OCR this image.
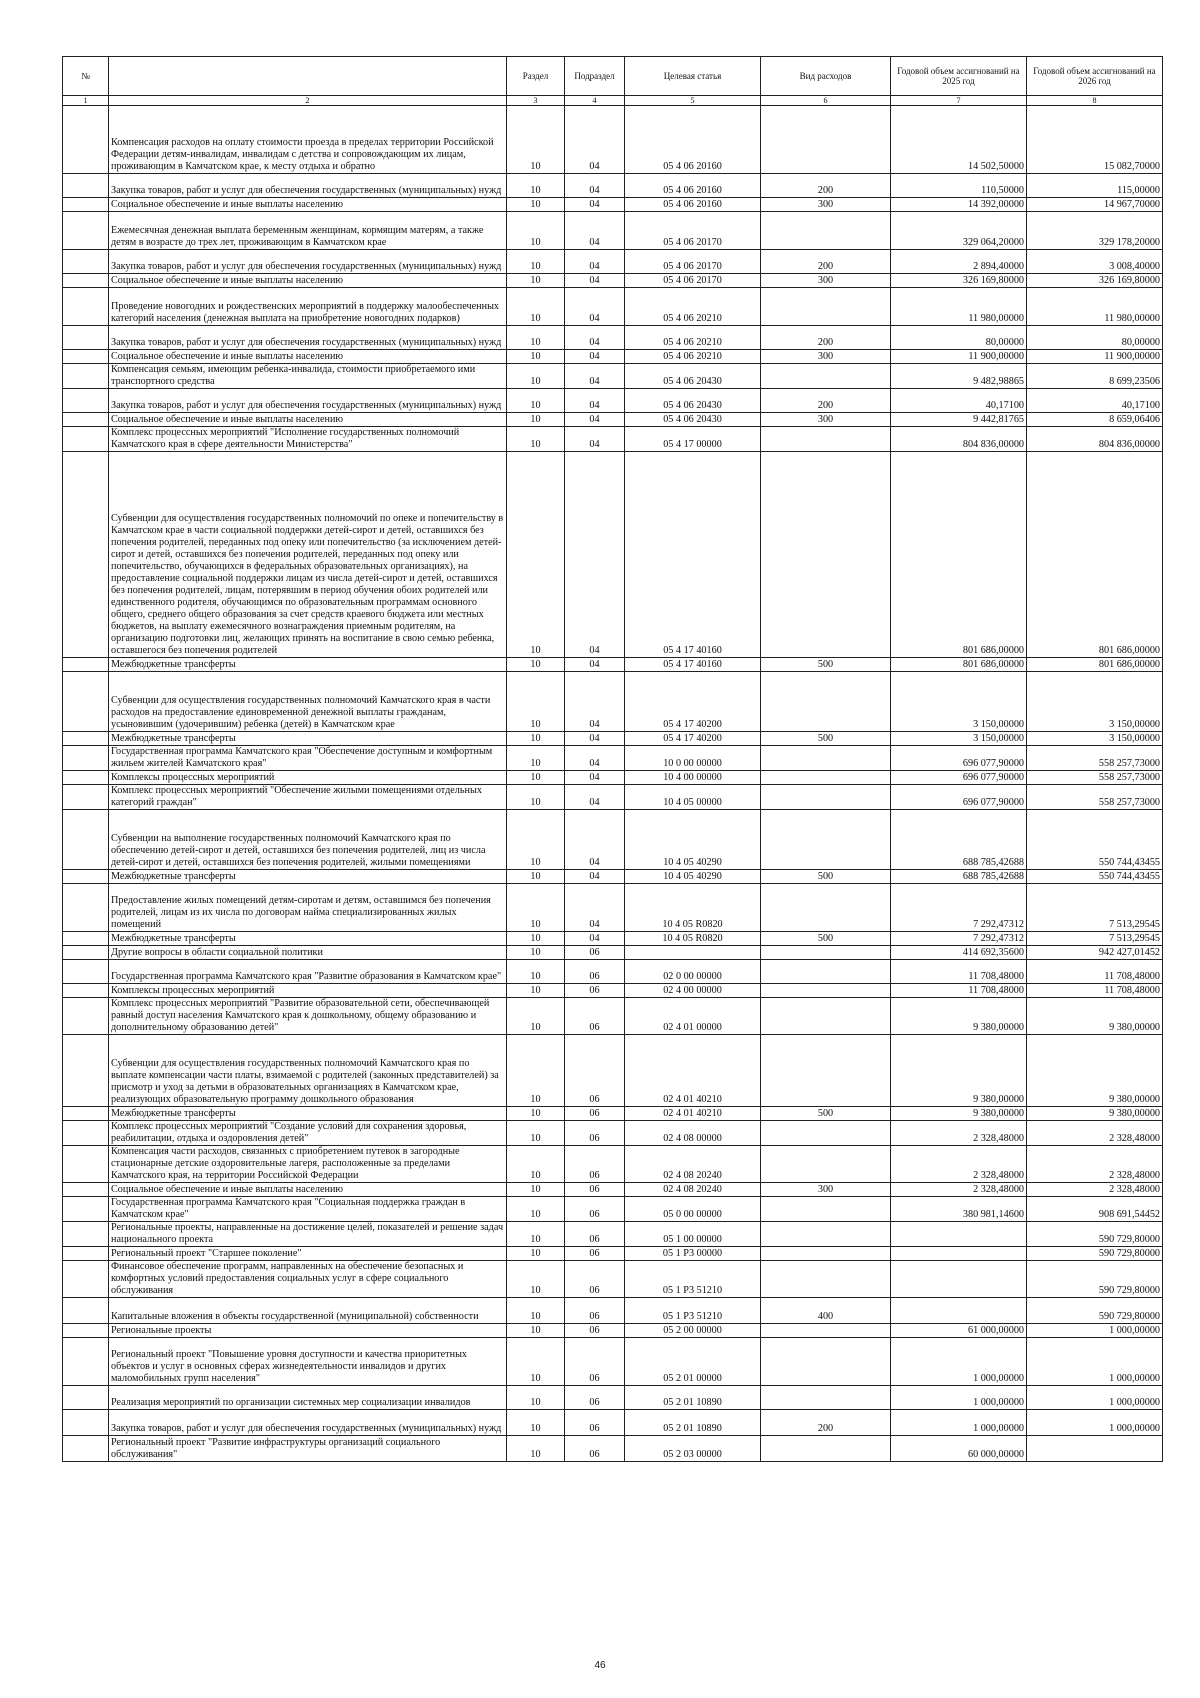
№		Раздел	Подраздел	Целевая статья	Вид расходов	Годовой объем ассигнований на 2025 год	Годовой объем ассигнований на 2026 год
1	2	3	4	5	6	7	8
	Компенсация расходов на оплату стоимости проезда в пределах территории Российской Федерации детям-инвалидам, инвалидам с детства и сопровождающим их лицам, проживающим в Камчатском крае, к месту отдыха и обратно	10	04	05 4 06 20160		14 502,50000	15 082,70000
	Закупка товаров, работ и услуг для обеспечения государственных (муниципальных) нужд	10	04	05 4 06 20160	200	110,50000	115,00000
	Социальное обеспечение и иные выплаты населению	10	04	05 4 06 20160	300	14 392,00000	14 967,70000
	Ежемесячная денежная выплата беременным женщинам, кормящим матерям, а также детям в возрасте до трех лет, проживающим в Камчатском крае	10	04	05 4 06 20170		329 064,20000	329 178,20000
	Закупка товаров, работ и услуг для обеспечения государственных (муниципальных) нужд	10	04	05 4 06 20170	200	2 894,40000	3 008,40000
	Социальное обеспечение и иные выплаты населению	10	04	05 4 06 20170	300	326 169,80000	326 169,80000
	Проведение новогодних и рождественских мероприятий в поддержку малообеспеченных категорий населения (денежная выплата на приобретение новогодних подарков)	10	04	05 4 06 20210		11 980,00000	11 980,00000
	Закупка товаров, работ и услуг для обеспечения государственных (муниципальных) нужд	10	04	05 4 06 20210	200	80,00000	80,00000
	Социальное обеспечение и иные выплаты населению	10	04	05 4 06 20210	300	11 900,00000	11 900,00000
	Компенсация семьям, имеющим ребенка-инвалида, стоимости приобретаемого ими транспортного средства	10	04	05 4 06 20430		9 482,98865	8 699,23506
	Закупка товаров, работ и услуг для обеспечения государственных (муниципальных) нужд	10	04	05 4 06 20430	200	40,17100	40,17100
	Социальное обеспечение и иные выплаты населению	10	04	05 4 06 20430	300	9 442,81765	8 659,06406
	Комплекс процессных мероприятий "Исполнение государственных полномочий Камчатского края в сфере деятельности Министерства"	10	04	05 4 17 00000		804 836,00000	804 836,00000
	Субвенции для осуществления государственных полномочий по опеке и попечительству в Камчатском крае в части социальной поддержки детей-сирот и детей, оставшихся без попечения родителей, переданных под опеку или попечительство (за исключением детей-сирот и детей, оставшихся без попечения родителей, переданных под опеку или попечительство, обучающихся в федеральных образовательных организациях), на предоставление социальной поддержки лицам из числа детей-сирот и детей, оставшихся без попечения родителей, лицам, потерявшим в период обучения обоих родителей или единственного родителя, обучающимся по образовательным программам основного общего, среднего общего образования за счет средств краевого бюджета или местных бюджетов, на выплату ежемесячного вознаграждения приемным родителям, на организацию подготовки лиц, желающих принять на воспитание в свою семью ребенка, оставшегося без попечения родителей	10	04	05 4 17 40160		801 686,00000	801 686,00000
	Межбюджетные трансферты	10	04	05 4 17 40160	500	801 686,00000	801 686,00000
	Субвенции для осуществления государственных полномочий Камчатского края в части расходов на предоставление единовременной денежной выплаты гражданам, усыновившим (удочерившим) ребенка (детей) в Камчатском крае	10	04	05 4 17 40200		3 150,00000	3 150,00000
	Межбюджетные трансферты	10	04	05 4 17 40200	500	3 150,00000	3 150,00000
	Государственная программа Камчатского края "Обеспечение доступным и комфортным жильем жителей Камчатского края"	10	04	10 0 00 00000		696 077,90000	558 257,73000
	Комплексы процессных мероприятий	10	04	10 4 00 00000		696 077,90000	558 257,73000
	Комплекс процессных мероприятий "Обеспечение жилыми помещениями отдельных категорий граждан"	10	04	10 4 05 00000		696 077,90000	558 257,73000
	Субвенции на выполнение государственных полномочий Камчатского края по обеспечению детей-сирот и детей, оставшихся без попечения родителей, лиц из числа детей-сирот и детей, оставшихся без попечения родителей, жилыми помещениями	10	04	10 4 05 40290		688 785,42688	550 744,43455
	Межбюджетные трансферты	10	04	10 4 05 40290	500	688 785,42688	550 744,43455
	Предоставление жилых помещений детям-сиротам и детям, оставшимся без попечения родителей, лицам из их числа по договорам найма специализированных жилых помещений	10	04	10 4 05 R0820		7 292,47312	7 513,29545
	Межбюджетные трансферты	10	04	10 4 05 R0820	500	7 292,47312	7 513,29545
	Другие вопросы в области социальной политики	10	06			414 692,35600	942 427,01452
	Государственная программа Камчатского края "Развитие образования в Камчатском крае"	10	06	02 0 00 00000		11 708,48000	11 708,48000
	Комплексы процессных мероприятий	10	06	02 4 00 00000		11 708,48000	11 708,48000
	Комплекс процессных мероприятий "Развитие образовательной сети, обеспечивающей равный доступ населения Камчатского края к дошкольному, общему образованию и дополнительному образованию детей"	10	06	02 4 01 00000		9 380,00000	9 380,00000
	Субвенции для осуществления государственных полномочий Камчатского края по выплате компенсации части платы, взимаемой с родителей (законных представителей) за присмотр и уход за детьми в образовательных организациях в Камчатском крае, реализующих образовательную программу дошкольного образования	10	06	02 4 01 40210		9 380,00000	9 380,00000
	Межбюджетные трансферты	10	06	02 4 01 40210	500	9 380,00000	9 380,00000
	Комплекс процессных мероприятий "Создание условий для сохранения здоровья, реабилитации, отдыха и оздоровления детей"	10	06	02 4 08 00000		2 328,48000	2 328,48000
	Компенсация части расходов, связанных с приобретением путевок в загородные стационарные детские оздоровительные лагеря, расположенные за пределами Камчатского края, на территории Российской Федерации	10	06	02 4 08 20240		2 328,48000	2 328,48000
	Социальное обеспечение и иные выплаты населению	10	06	02 4 08 20240	300	2 328,48000	2 328,48000
	Государственная программа Камчатского края "Социальная поддержка граждан в Камчатском крае"	10	06	05 0 00 00000		380 981,14600	908 691,54452
	Региональные проекты, направленные на достижение целей, показателей и решение задач национального проекта	10	06	05 1 00 00000			590 729,80000
	Региональный проект "Старшее поколение"	10	06	05 1 P3 00000			590 729,80000
	Финансовое обеспечение программ, направленных на обеспечение безопасных и комфортных условий предоставления социальных услуг в сфере социального обслуживания	10	06	05 1 P3 51210			590 729,80000
	Капитальные вложения в объекты государственной (муниципальной) собственности	10	06	05 1 P3 51210	400		590 729,80000
	Региональные проекты	10	06	05 2 00 00000		61 000,00000	1 000,00000
	Региональный проект "Повышение уровня доступности и качества приоритетных объектов и услуг в основных сферах жизнедеятельности инвалидов и других маломобильных групп населения"	10	06	05 2 01 00000		1 000,00000	1 000,00000
	Реализация мероприятий по организации системных мер социализации инвалидов	10	06	05 2 01 10890		1 000,00000	1 000,00000
	Закупка товаров, работ и услуг для обеспечения государственных (муниципальных) нужд	10	06	05 2 01 10890	200	1 000,00000	1 000,00000
	Региональный проект "Развитие инфраструктуры организаций социального обслуживания"	10	06	05 2 03 00000		60 000,00000	
46
